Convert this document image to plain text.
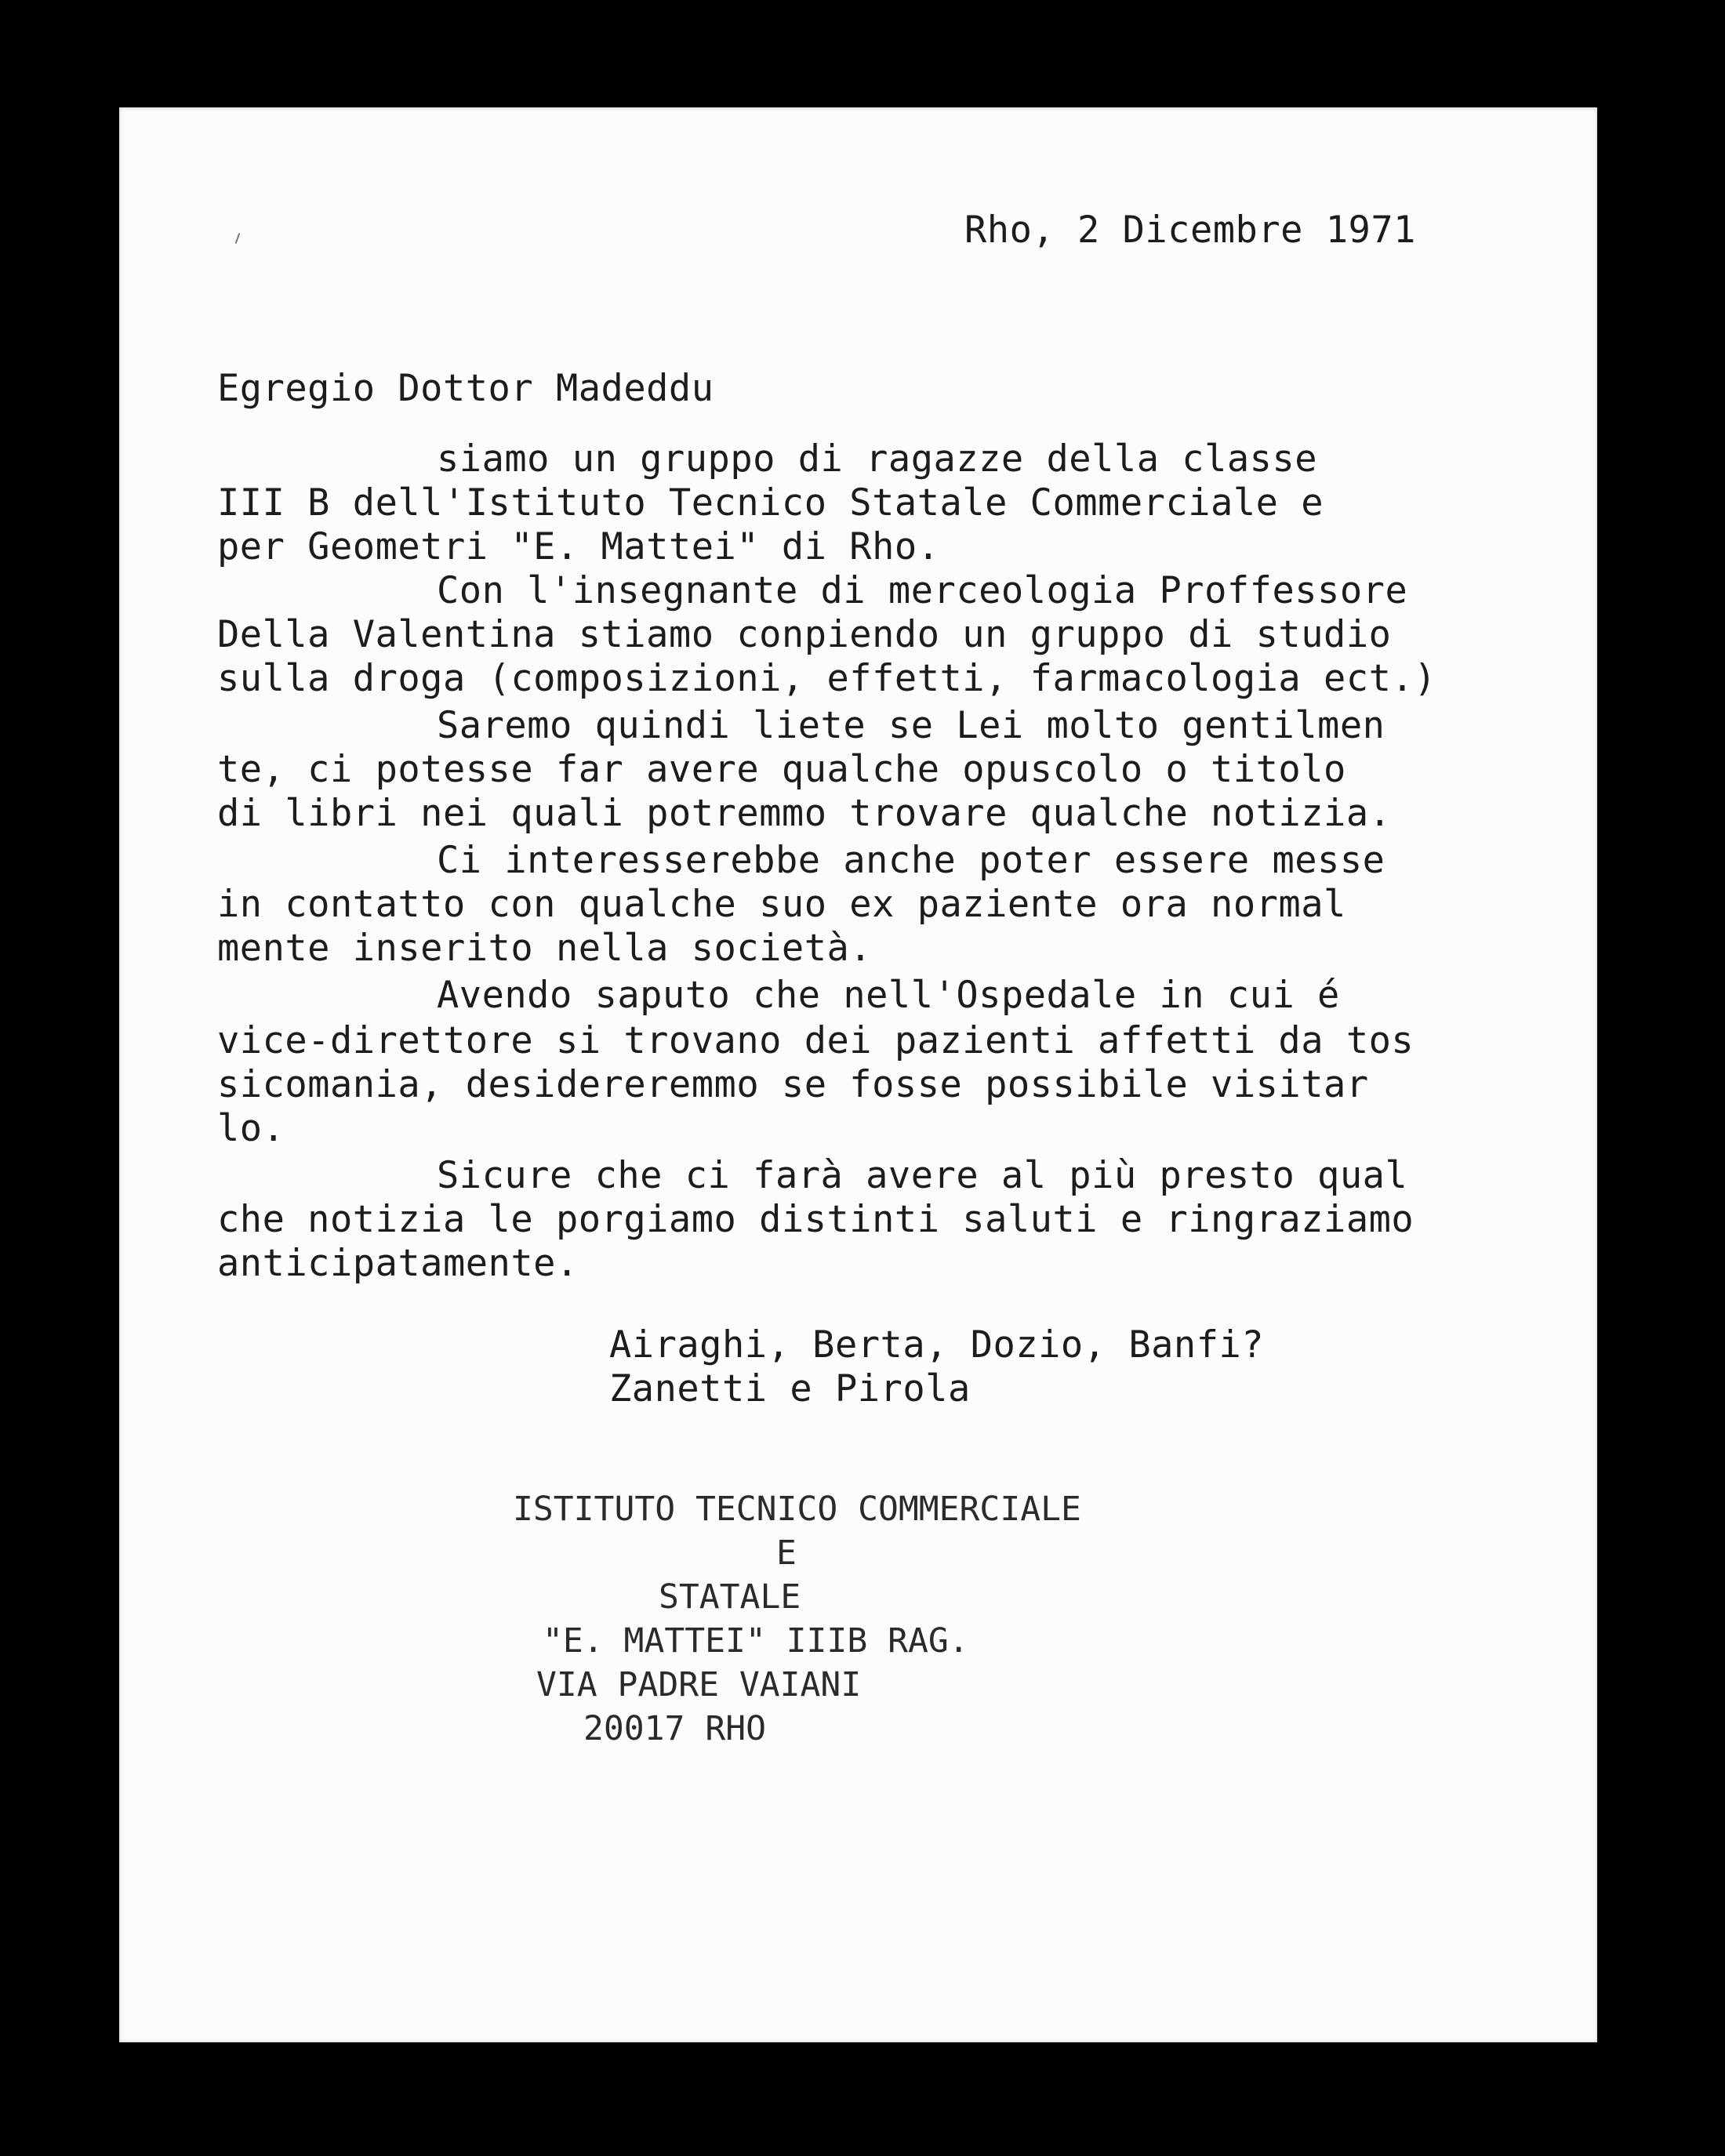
Rho, 2 Dicembre 1971
Egregio Dottor Madeddu
siamo un gruppo di ragazze della classe
III B dell'Istituto Tecnico Statale Commerciale e
per Geometri "E. Mattei" di Rho.
Con l'insegnante di merceologia Proffessore
Della Valentina stiamo conpiendo un gruppo di studio
sulla droga (composizioni, effetti, farmacologia ect.)
Saremo quindi liete se Lei molto gentilmen
te, ci potesse far avere qualche opuscolo o titolo
di libri nei quali potremmo trovare qualche notizia.
Ci interesserebbe anche poter essere messe
in contatto con qualche suo ex paziente ora normal
mente inserito nella società.
Avendo saputo che nell'Ospedale in cui é
vice-direttore si trovano dei pazienti affetti da tos
sicomania, desidereremmo se fosse possibile visitar
lo.
Sicure che ci farà avere al più presto qual
che notizia le porgiamo distinti saluti e ringraziamo
anticipatamente.
Airaghi, Berta, Dozio, Banfi?
Zanetti e Pirola

ISTITUTO TECNICO COMMERCIALE

E

STATALE

"E. MATTEI" IIIB RAG.

VIA PADRE VAIANI

20017 RHO
